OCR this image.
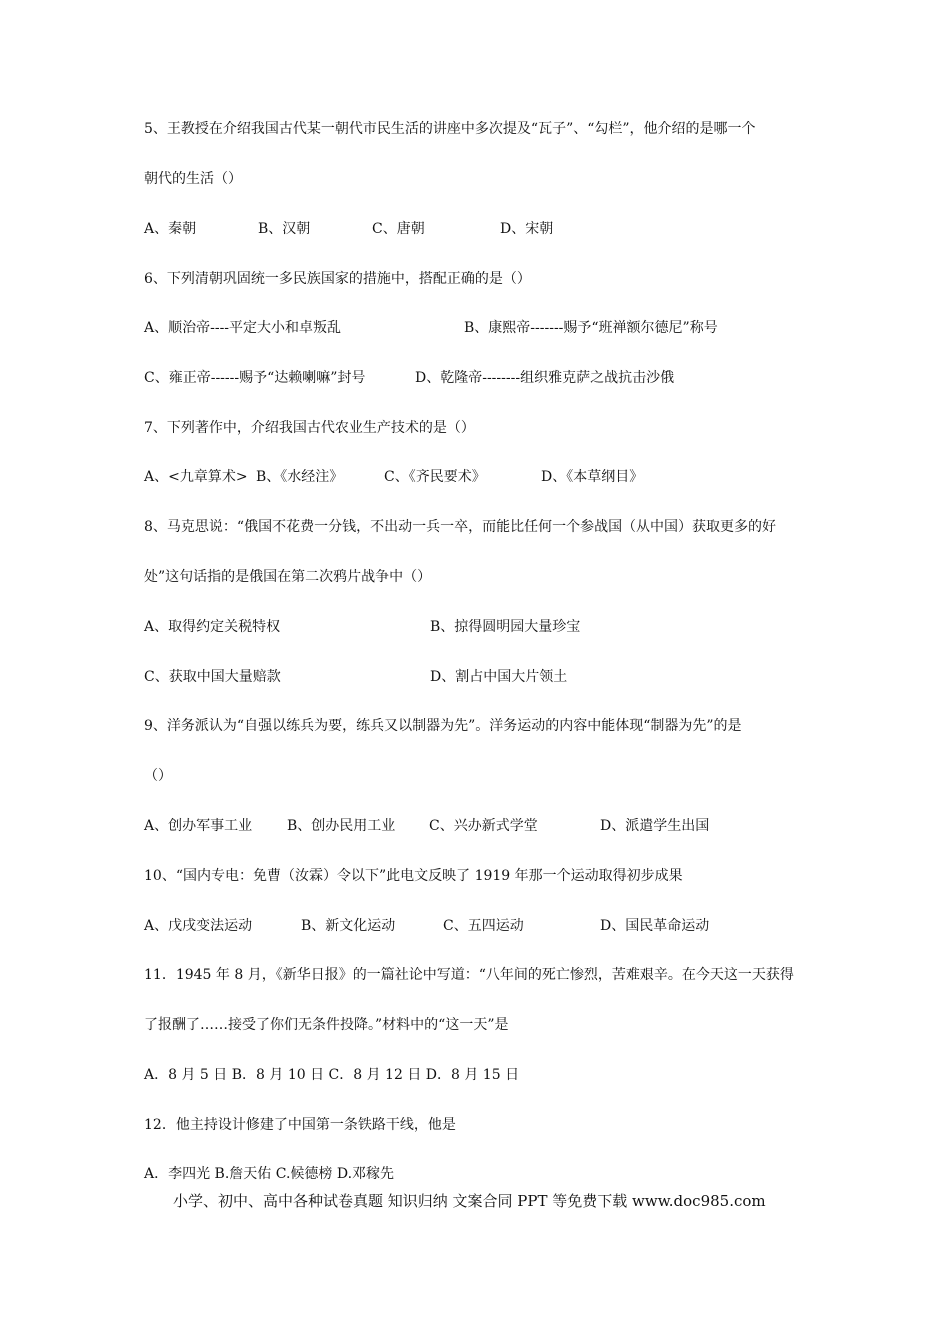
5、王教授在介绍我国古代某一朝代市民生活的讲座中多次提及“瓦子”、“勾栏”，他介绍的是哪一个
朝代的生活（）
A、秦朝	B、汉朝	C、唐朝	D、宋朝
6、下列清朝巩固统一多民族国家的措施中，搭配正确的是（）
A、顺治帝----平定大小和卓叛乱	B、康熙帝-------赐予“班禅额尔德尼”称号
C、雍正帝------赐予“达赖喇嘛”封号	D、乾隆帝--------组织雅克萨之战抗击沙俄
7、下列著作中，介绍我国古代农业生产技术的是（）
A、<九章算术> B、《水经注》	C、《齐民要术》	D、《本草纲目》
8、马克思说：“俄国不花费一分钱，不出动一兵一卒，而能比任何一个参战国（从中国）获取更多的好
处”这句话指的是俄国在第二次鸦片战争中（）
A、取得约定关税特权	B、掠得圆明园大量珍宝
C、获取中国大量赔款	D、割占中国大片领土
9、洋务派认为“自强以练兵为要，练兵又以制器为先”。洋务运动的内容中能体现“制器为先”的是
（）
A、创办军事工业 B、创办民用工业 C、兴办新式学堂	D、派遣学生出国
10、“国内专电：免曹（汝霖）令以下”此电文反映了 1919 年那一个运动取得初步成果
A、戊戌变法运动	B、新文化运动	C、五四运动	D、国民革命运动
11．1945 年 8 月，《新华日报》的一篇社论中写道：“八年间的死亡惨烈，苦难艰辛。在今天这一天获得
了报酬了……接受了你们无条件投降。”材料中的“这一天”是
A．8 月 5 日 B．8 月 10 日 C．8 月 12 日 D．8 月 15 日
12．他主持设计修建了中国第一条铁路干线，他是
A．李四光 B.詹天佑 C.候德榜 D.邓稼先
小学、初中、高中各种试卷真题 知识归纳 文案合同 PPT 等免费下载 www.doc985.com
